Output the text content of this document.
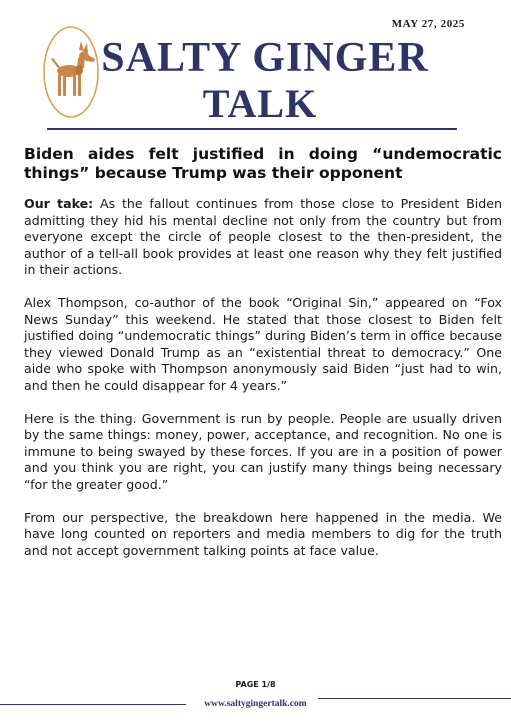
MAY 27, 2025
SALTY GINGER
TALK
Biden aides felt justified in doing “undemocratic things” because Trump was their opponent

Our take: As the fallout continues from those close to President Biden admitting they hid his mental decline not only from the country but from everyone except the circle of people closest to the then-president, the author of a tell-all book provides at least one reason why they felt justified in their actions.

Alex Thompson, co-author of the book “Original Sin,” appeared on “Fox News Sunday” this weekend. He stated that those closest to Biden felt justified doing “undemocratic things” during Biden’s term in office because they viewed Donald Trump as an “existential threat to democracy.” One aide who spoke with Thompson anonymously said Biden “just had to win, and then he could disappear for 4 years.”

Here is the thing. Government is run by people. People are usually driven by the same things: money, power, acceptance, and recognition. No one is immune to being swayed by these forces. If you are in a position of power and you think you are right, you can justify many things being necessary “for the greater good.”

From our perspective, the breakdown here happened in the media. We have long counted on reporters and media members to dig for the truth and not accept government talking points at face value.

PAGE 1/8
www.saltygingertalk.com
